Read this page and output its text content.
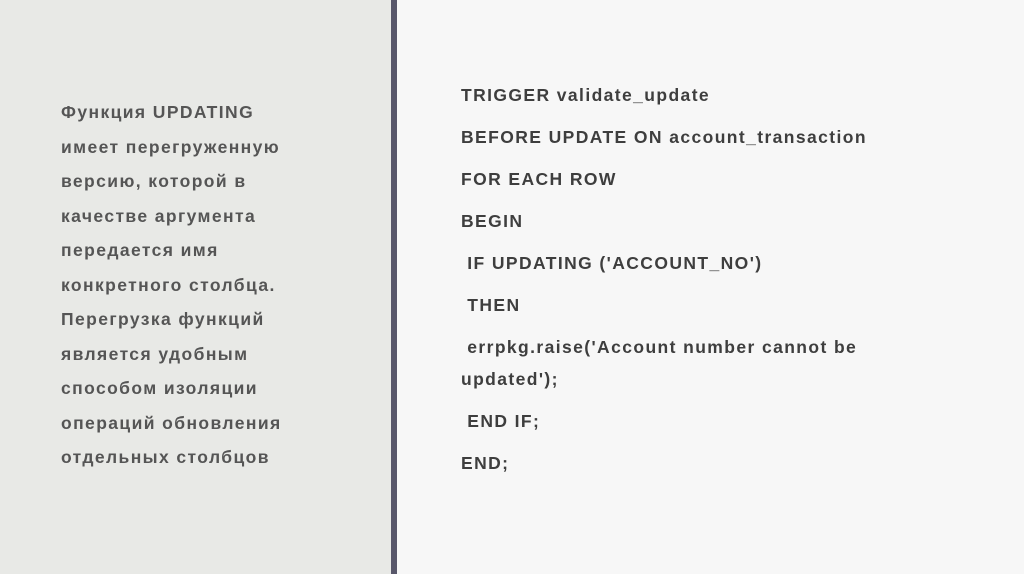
Функция UPDATING
имеет перегруженную
версию, которой в
качестве аргумента
передается имя
конкретного столбца.
Перегрузка функций
является удобным
способом изоляции
операций обновления
отдельных столбцов

TRIGGER validate_update
BEFORE UPDATE ON account_transaction
FOR EACH ROW
BEGIN
IF UPDATING ('ACCOUNT_NO')
THEN
errpkg.raise('Account number cannot be
updated');
END IF;
END;
